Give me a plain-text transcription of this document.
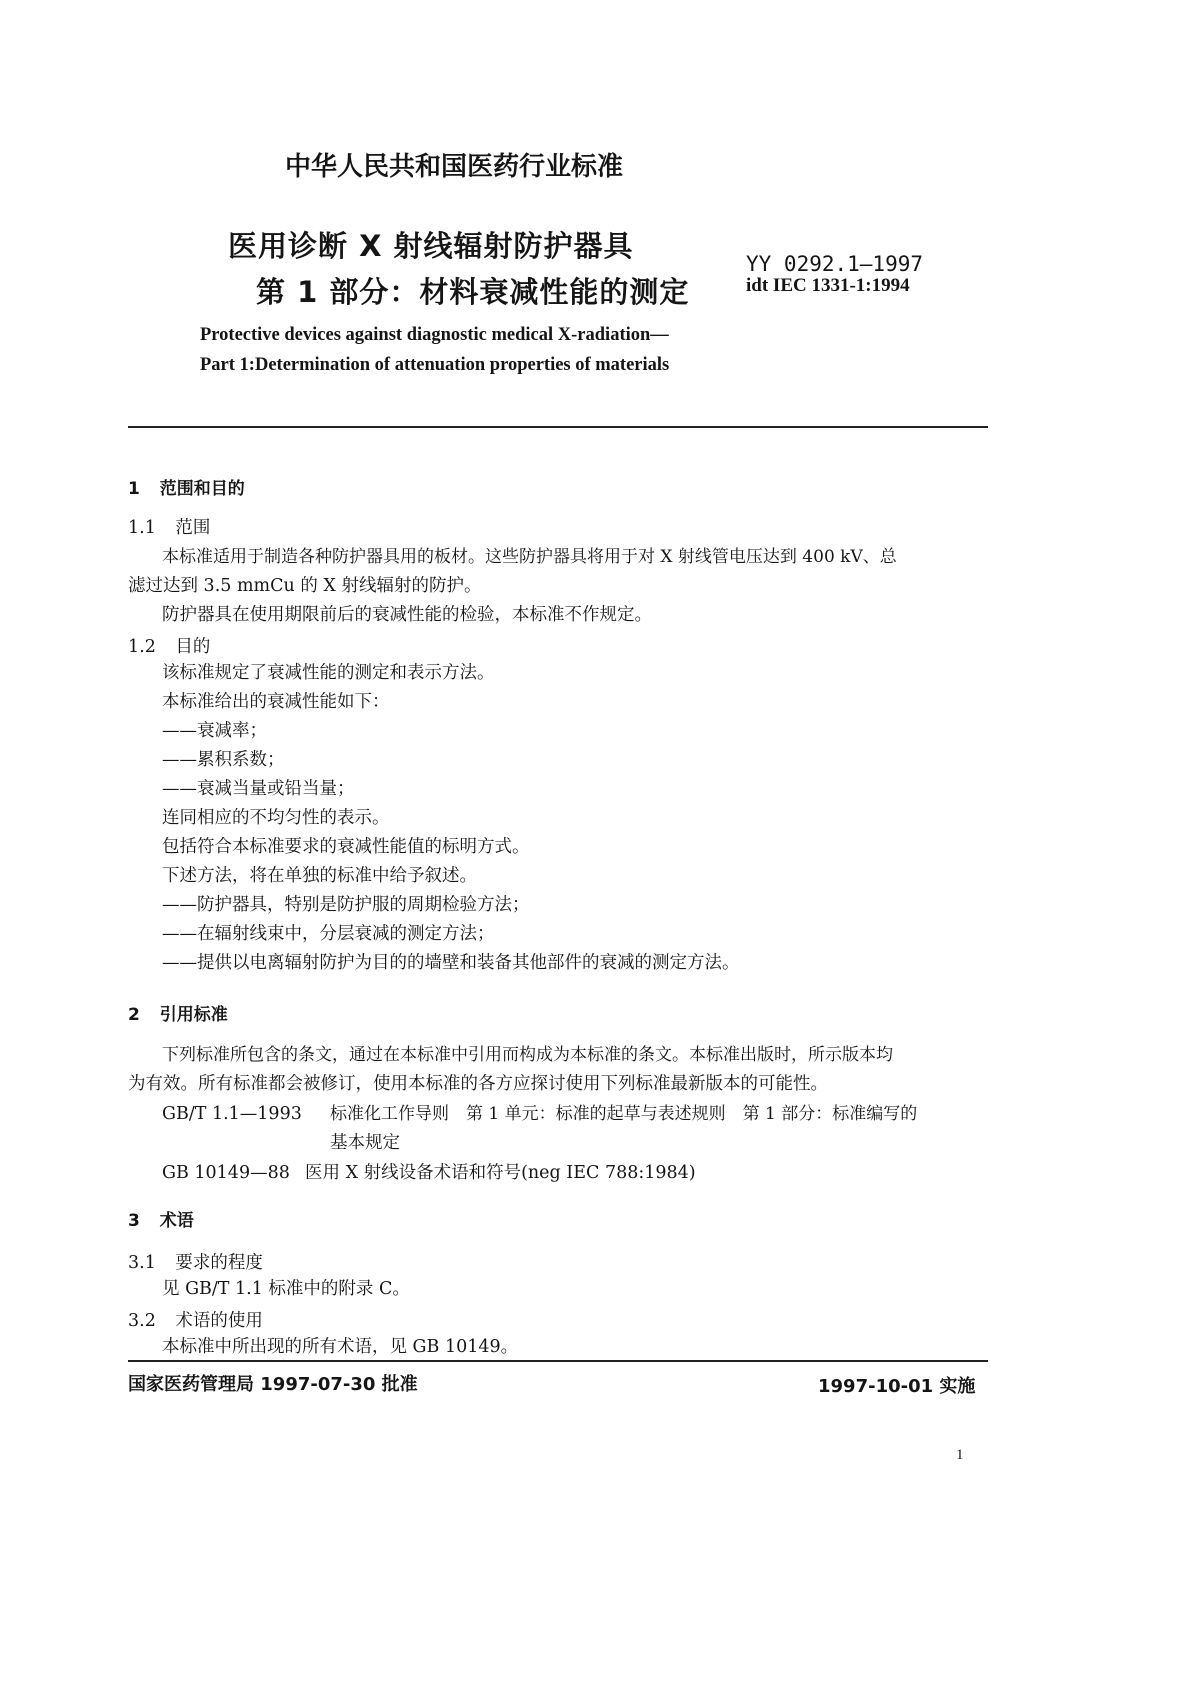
中华人民共和国医药行业标准
医用诊断 X 射线辐射防护器具
第 1 部分：材料衰减性能的测定
YY 0292.1—1997
idt IEC 1331-1:1994
Protective devices against diagnostic medical X-radiation—
Part 1:Determination of attenuation properties of materials
1 范围和目的
1.1 范围
本标准适用于制造各种防护器具用的板材。这些防护器具将用于对 X 射线管电压达到 400 kV、总
滤过达到 3.5 mmCu 的 X 射线辐射的防护。
防护器具在使用期限前后的衰减性能的检验，本标准不作规定。
1.2 目的
该标准规定了衰减性能的测定和表示方法。
本标准给出的衰减性能如下：
——衰减率；
——累积系数；
——衰减当量或铅当量；
连同相应的不均匀性的表示。
包括符合本标准要求的衰减性能值的标明方式。
下述方法，将在单独的标准中给予叙述。
——防护器具，特别是防护服的周期检验方法；
——在辐射线束中，分层衰减的测定方法；
——提供以电离辐射防护为目的的墙壁和装备其他部件的衰减的测定方法。
2 引用标准
下列标准所包含的条文，通过在本标准中引用而构成为本标准的条文。本标准出版时，所示版本均
为有效。所有标准都会被修订，使用本标准的各方应探讨使用下列标准最新版本的可能性。
GB/T 1.1—1993 标准化工作导则　第 1 单元：标准的起草与表述规则　第 1 部分：标准编写的
基本规定
GB 10149—88 医用 X 射线设备术语和符号(neg IEC 788:1984)
3 术语
3.1 要求的程度
见 GB/T 1.1 标准中的附录 C。
3.2 术语的使用
本标准中所出现的所有术语，见 GB 10149。
国家医药管理局 1997-07-30 批准	1997-10-01 实施
1
